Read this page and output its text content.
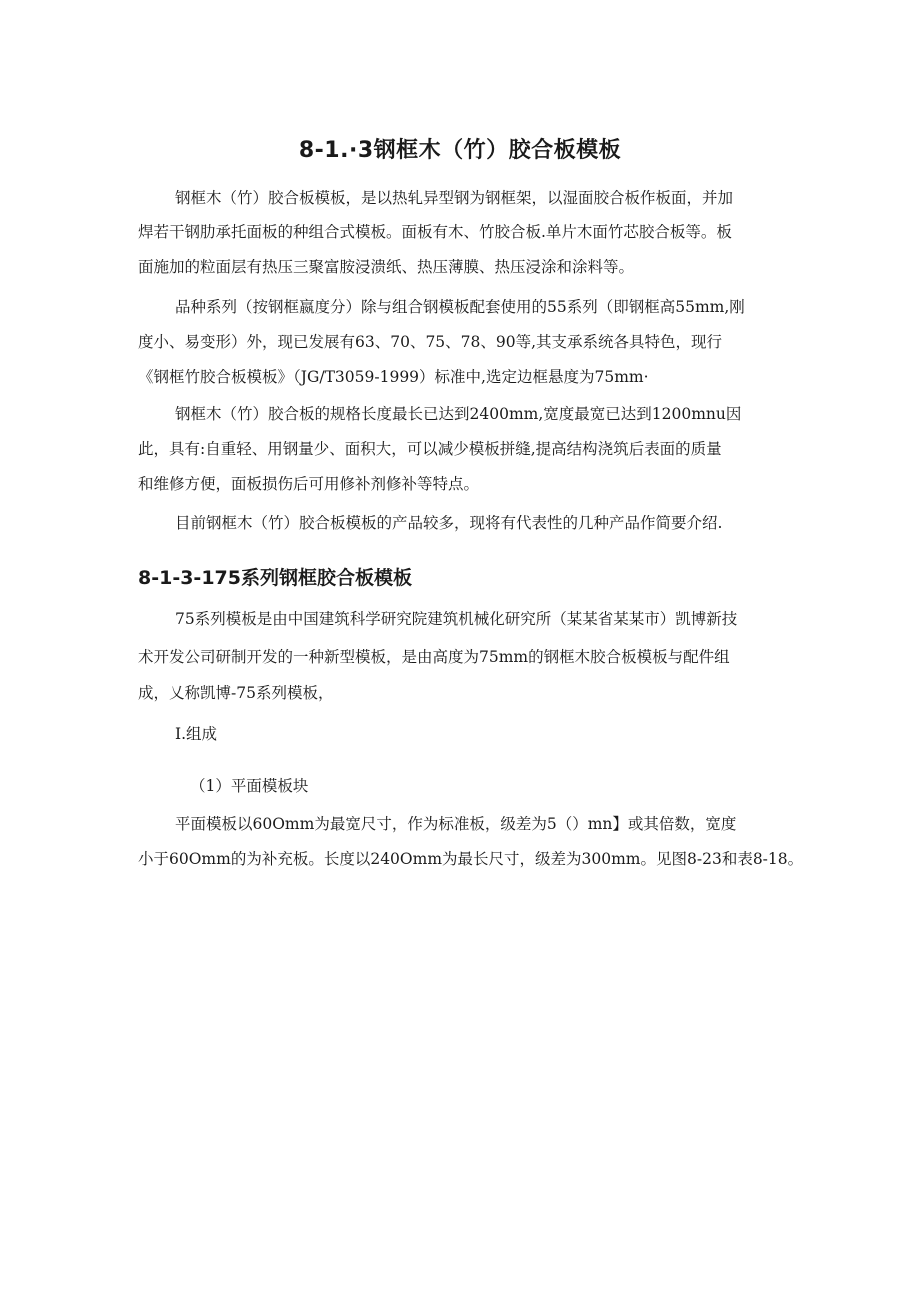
8-1.·3钢框木（竹）胶合板模板
钢框木（竹）胶合板模板，是以热轧异型钢为钢框架，以湿面胶合板作板面，并加
焊若干钢肋承托面板的种组合式模板。面板有木、竹胶合板.单片木面竹芯胶合板等。板
面施加的粒面层有热压三聚富胺浸溃纸、热压薄膜、热压浸涂和涂料等。
品种系列（按钢框嬴度分）除与组合钢模板配套使用的55系列（即钢框高55mm,刚
度小、易变形）外，现已发展有63、70、75、78、90等,其支承系统各具特色，现行
《钢框竹胶合板模板》（JG/T3059-1999）标准中,选定边框悬度为75mm·
钢框木（竹）胶合板的规格长度最长已达到2400mm,宽度最宽已达到1200mnu因
此，具有:自重轻、用钢量少、面积大，可以减少模板拼缝,提高结构浇筑后表面的质量
和维修方便，面板损伤后可用修补剂修补等特点。
目前钢框木（竹）胶合板模板的产品较多，现将有代表性的几种产品作简要介绍.
8-1-3-175系列钢框胶合板模板
75系列模板是由中国建筑科学研究院建筑机械化研究所（某某省某某市）凯博新技
术开发公司研制开发的一种新型模板，是由高度为75mm的钢框木胶合板模板与配件组
成，乂称凯博-75系列模板，
I.组成
（1）平面模板块
平面模板以60Omm为最宽尺寸，作为标准板，级差为5（）mn】或其倍数，宽度
小于60Omm的为补充板。长度以240Omm为最长尺寸，级差为300mm。见图8-23和表8-18。
